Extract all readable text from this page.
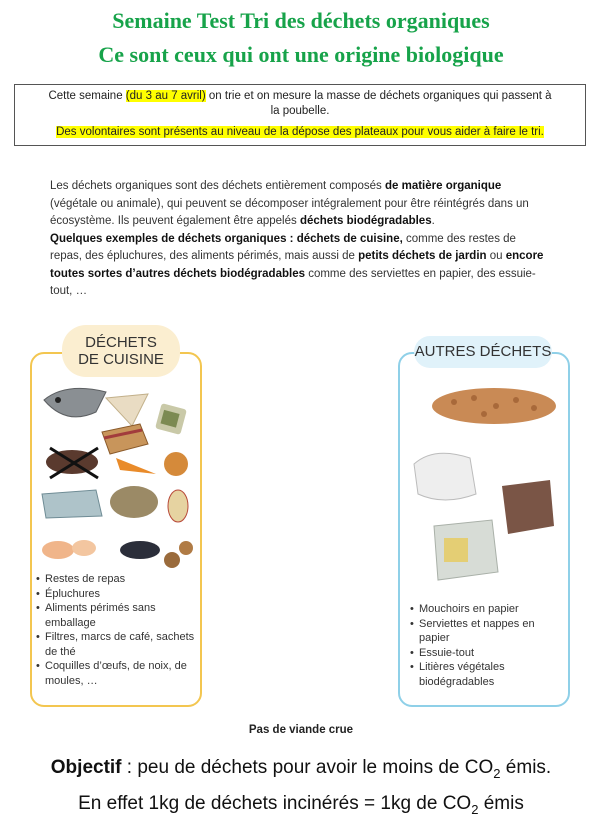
Semaine Test Tri des déchets organiques
Ce sont ceux qui ont une origine biologique
Cette semaine (du 3 au 7 avril) on trie et on mesure la masse de déchets organiques qui passent à la poubelle.
Des volontaires sont présents au niveau de la dépose des plateaux pour vous aider à faire le tri.
Les déchets organiques sont des déchets entièrement composés de matière organique (végétale ou animale), qui peuvent se décomposer intégralement pour être réintégrés dans un écosystème. Ils peuvent également être appelés déchets biodégradables.
Quelques exemples de déchets organiques : déchets de cuisine, comme des restes de repas, des épluchures, des aliments périmés, mais aussi de petits déchets de jardin ou encore toutes sortes d’autres déchets biodégradables comme des serviettes en papier, des essuie-tout, …
DÉCHETS
DE CUISINE
• Restes de repas
• Épluchures
• Aliments périmés sans emballage
• Filtres, marcs de café, sachets de thé
• Coquilles d’œufs, de noix, de moules, …
AUTRES DÉCHETS
• Mouchoirs en papier
• Serviettes et nappes en papier
• Essuie-tout
• Litières végétales biodégradables
Pas de viande crue
Objectif : peu de déchets pour avoir le moins de $CO_2$ émis.
En effet 1kg de déchets incinérés = 1kg de $CO_2$ émis
